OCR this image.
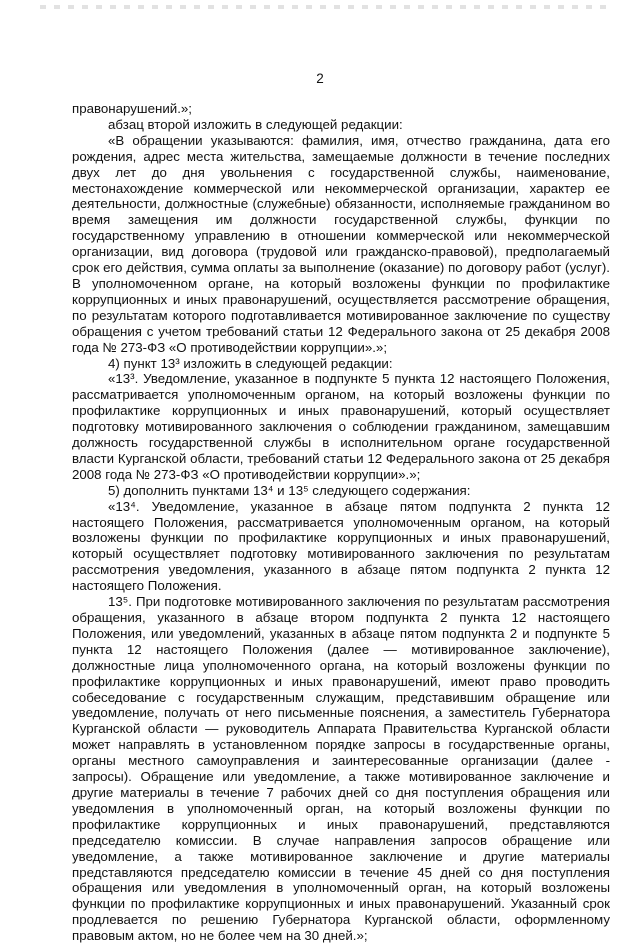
2

правонарушений.»;

абзац второй изложить в следующей редакции:

«В обращении указываются: фамилия, имя, отчество гражданина, дата его рождения, адрес места жительства, замещаемые должности в течение последних двух лет до дня увольнения с государственной службы, наименование, местонахождение коммерческой или некоммерческой организации, характер ее деятельности, должностные (служебные) обязанности, исполняемые гражданином во время замещения им должности государственной службы, функции по государственному управлению в отношении коммерческой или некоммерческой организации, вид договора (трудовой или гражданско-правовой), предполагаемый срок его действия, сумма оплаты за выполнение (оказание) по договору работ (услуг). В уполномоченном органе, на который возложены функции по профилактике коррупционных и иных правонарушений, осуществляется рассмотрение обращения, по результатам которого подготавливается мотивированное заключение по существу обращения с учетом требований статьи 12 Федерального закона от 25 декабря 2008 года № 273-ФЗ «О противодействии коррупции».»;

4) пункт 13³ изложить в следующей редакции:

«13³. Уведомление, указанное в подпункте 5 пункта 12 настоящего Положения, рассматривается уполномоченным органом, на который возложены функции по профилактике коррупционных и иных правонарушений, который осуществляет подготовку мотивированного заключения о соблюдении гражданином, замещавшим должность государственной службы в исполнительном органе государственной власти Курганской области, требований статьи 12 Федерального закона от 25 декабря 2008 года № 273-ФЗ «О противодействии коррупции».»;

5) дополнить пунктами 13⁴ и 13⁵ следующего содержания:

«13⁴. Уведомление, указанное в абзаце пятом подпункта 2 пункта 12 настоящего Положения, рассматривается уполномоченным органом, на который возложены функции по профилактике коррупционных и иных правонарушений, который осуществляет подготовку мотивированного заключения по результатам рассмотрения уведомления, указанного в абзаце пятом подпункта 2 пункта 12 настоящего Положения.

13⁵. При подготовке мотивированного заключения по результатам рассмотрения обращения, указанного в абзаце втором подпункта 2 пункта 12 настоящего Положения, или уведомлений, указанных в абзаце пятом подпункта 2 и подпункте 5 пункта 12 настоящего Положения (далее — мотивированное заключение), должностные лица уполномоченного органа, на который возложены функции по профилактике коррупционных и иных правонарушений, имеют право проводить собеседование с государственным служащим, представившим обращение или уведомление, получать от него письменные пояснения, а заместитель Губернатора Курганской области — руководитель Аппарата Правительства Курганской области может направлять в установленном порядке запросы в государственные органы, органы местного самоуправления и заинтересованные организации (далее - запросы). Обращение или уведомление, а также мотивированное заключение и другие материалы в течение 7 рабочих дней со дня поступления обращения или уведомления в уполномоченный орган, на который возложены функции по профилактике коррупционных и иных правонарушений, представляются председателю комиссии. В случае направления запросов обращение или уведомление, а также мотивированное заключение и другие материалы представляются председателю комиссии в течение 45 дней со дня поступления обращения или уведомления в уполномоченный орган, на который возложены функции по профилактике коррупционных и иных правонарушений. Указанный срок продлевается по решению Губернатора Курганской области, оформленному правовым актом, но не более чем на 30 дней.»;
